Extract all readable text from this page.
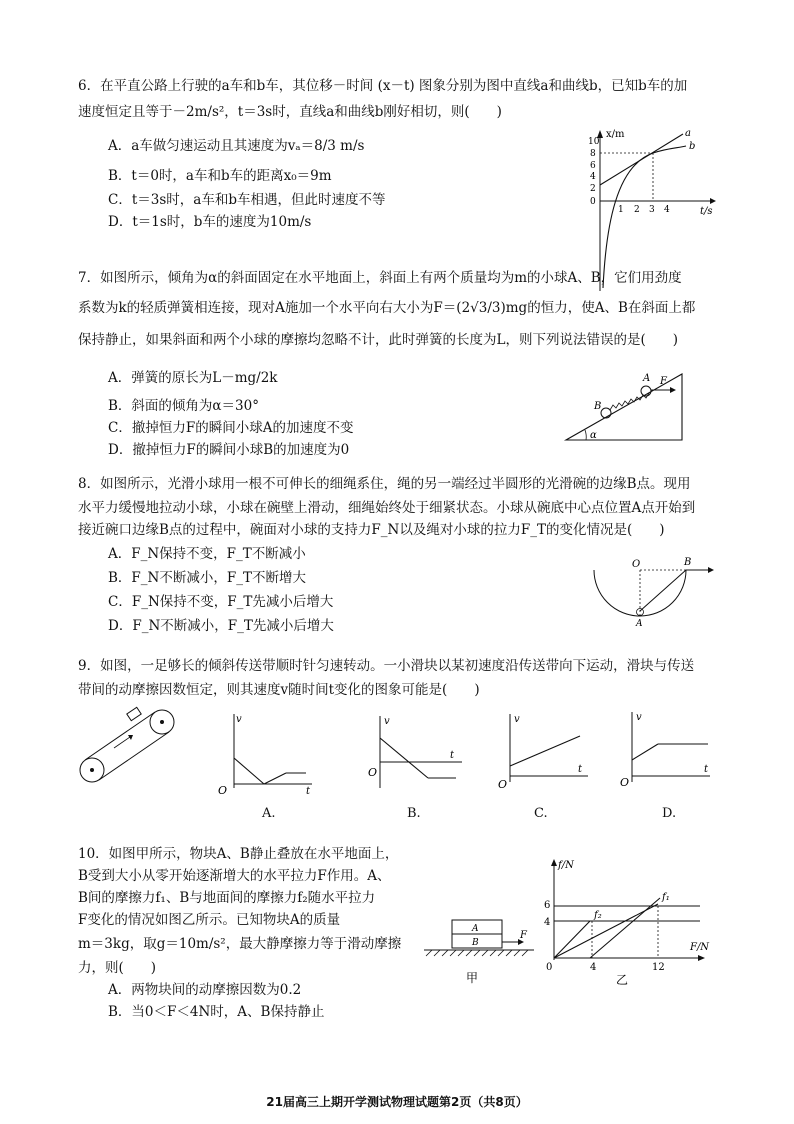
6．在平直公路上行驶的a车和b车，其位移－时间 (x－t) 图象分别为图中直线a和曲线b，已知b车的加
速度恒定且等于－2m/s²，t＝3s时，直线a和曲线b刚好相切，则(　　)
A．a车做匀速运动且其速度为vₐ＝8/3 m/s
B．t＝0时，a车和b车的距离x₀＝9m
C．t＝3s时，a车和b车相遇，但此时速度不等
D．t＝1s时，b车的速度为10m/s
x/m
t/s
10
8
6
4
2
0
1 2 3 4
a
b
7．如图所示，倾角为α的斜面固定在水平地面上，斜面上有两个质量均为m的小球A、B，它们用劲度
系数为k的轻质弹簧相连接，现对A施加一个水平向右大小为F＝(2√3/3)mg的恒力，使A、B在斜面上都
保持静止，如果斜面和两个小球的摩擦均忽略不计，此时弹簧的长度为L，则下列说法错误的是(　　)
A．弹簧的原长为L－mg/2k
B．斜面的倾角为α＝30°
C．撤掉恒力F的瞬间小球A的加速度不变
D．撤掉恒力F的瞬间小球B的加速度为0
α
B
A F
8．如图所示，光滑小球用一根不可伸长的细绳系住，绳的另一端经过半圆形的光滑碗的边缘B点。现用
水平力缓慢地拉动小球，小球在碗壁上滑动，细绳始终处于细紧状态。小球从碗底中心点位置A点开始到
接近碗口边缘B点的过程中，碗面对小球的支持力F_N以及绳对小球的拉力F_T的变化情况是(　　)
A．F_N保持不变，F_T不断减小
B．F_N不断减小，F_T不断增大
C．F_N保持不变，F_T先减小后增大
D．F_N不断减小，F_T先减小后增大
O	B
A
9．如图，一足够长的倾斜传送带顺时针匀速转动。一小滑块以某初速度沿传送带向下运动，滑块与传送
带间的动摩擦因数恒定，则其速度v随时间t变化的图象可能是(　　)
v
t
O
A.
v
t
O
B.
v
t
O
C.
v
t
O
D.
10．如图甲所示，物块A、B静止叠放在水平地面上，
B受到大小从零开始逐渐增大的水平拉力F作用。A、
B间的摩擦力f₁、B与地面间的摩擦力f₂随水平拉力
F变化的情况如图乙所示。已知物块A的质量
m＝3kg，取g＝10m/s²，最大静摩擦力等于滑动摩擦
力，则(　　)
A．两物块间的动摩擦因数为0.2
B．当0＜F＜4N时，A、B保持静止
A
B
F
甲
f/N
F/N
6
4
0	4	12
f₁
f₂
乙
21届高三上期开学测试物理试题第2页（共8页）
